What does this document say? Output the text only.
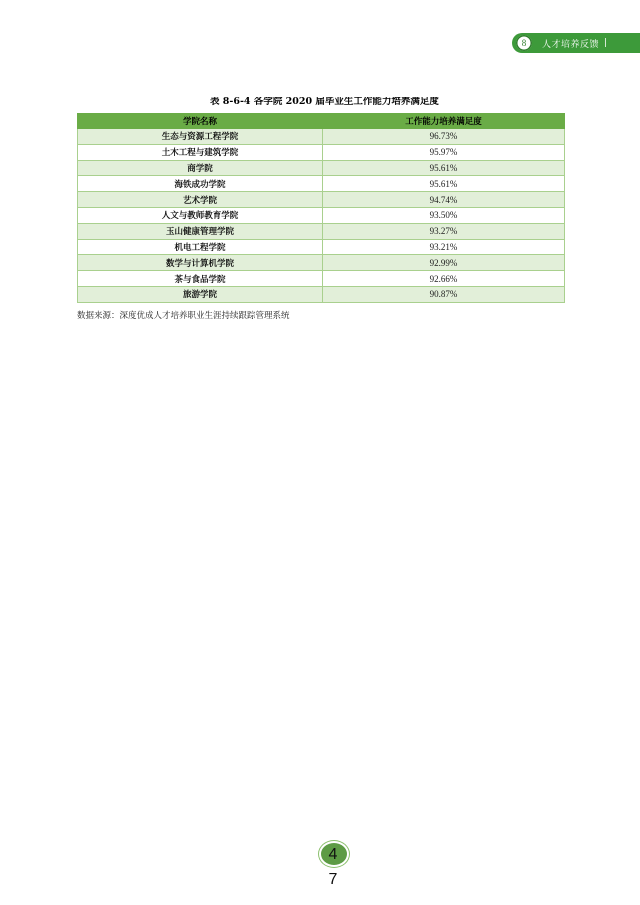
8	人才培养反馈 |
表 8-6-4 各学院 2020 届毕业生工作能力培养满足度
学院名称	工作能力培养满足度
生态与资源工程学院	96.73%
土木工程与建筑学院	95.97%
商学院	95.61%
海铁成功学院	95.61%
艺术学院	94.74%
人文与教师教育学院	93.50%
玉山健康管理学院	93.27%
机电工程学院	93.21%
数学与计算机学院	92.99%
茶与食品学院	92.66%
旅游学院	90.87%
数据来源：深度优成人才培养职业生涯持续跟踪管理系统
4
7
